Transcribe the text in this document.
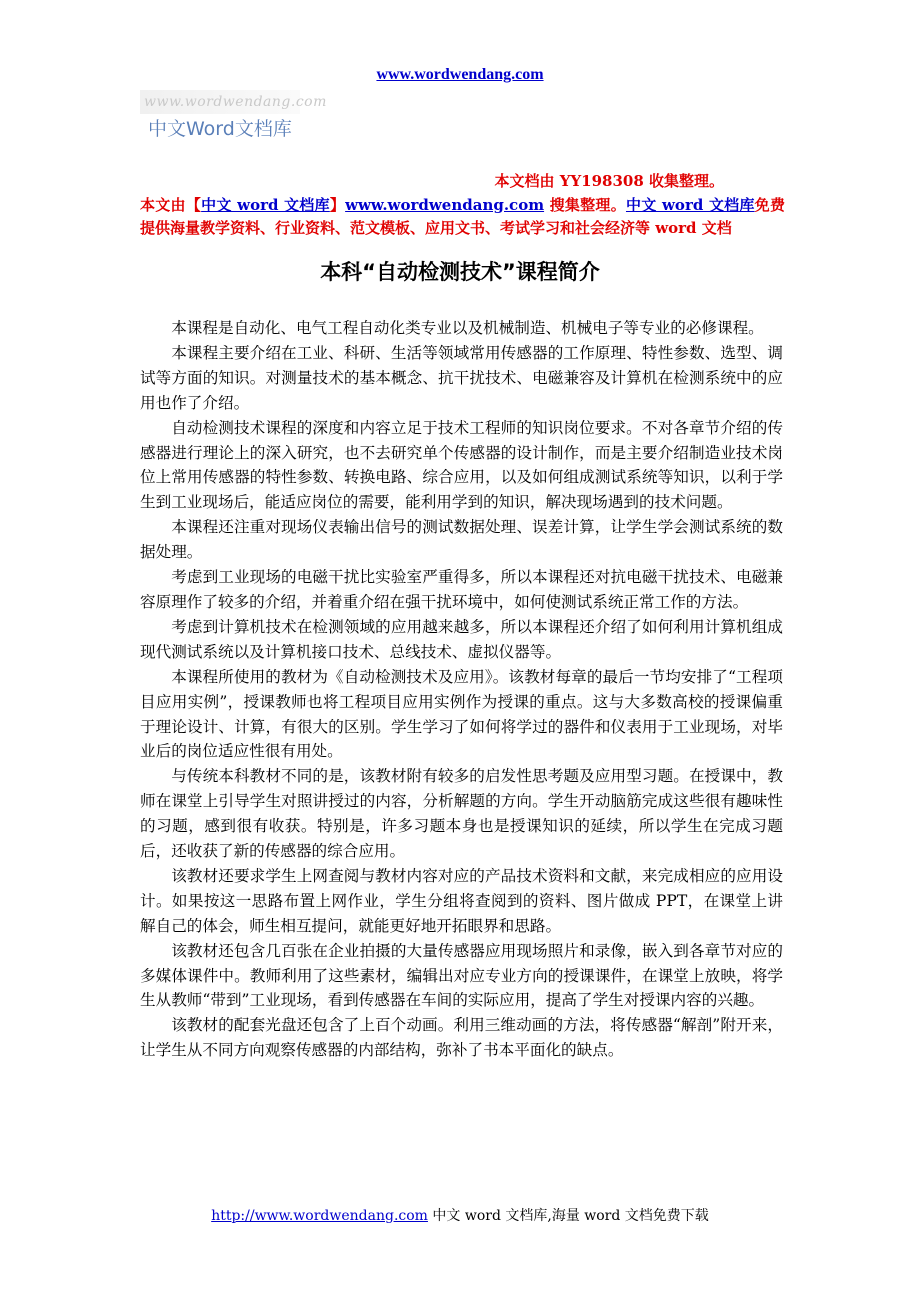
www.wordwendang.com
www.wordwendang.com
中文Word文档库
本文档由 YY198308 收集整理。
本文由【中文 word 文档库】www.wordwendang.com 搜集整理。中文 word 文档库免费提供海量教学资料、行业资料、范文模板、应用文书、考试学习和社会经济等 word 文档
本科“自动检测技术”课程简介

本课程是自动化、电气工程自动化类专业以及机械制造、机械电子等专业的必修课程。

本课程主要介绍在工业、科研、生活等领域常用传感器的工作原理、特性参数、选型、调试等方面的知识。对测量技术的基本概念、抗干扰技术、电磁兼容及计算机在检测系统中的应用也作了介绍。

自动检测技术课程的深度和内容立足于技术工程师的知识岗位要求。不对各章节介绍的传感器进行理论上的深入研究，也不去研究单个传感器的设计制作，而是主要介绍制造业技术岗位上常用传感器的特性参数、转换电路、综合应用，以及如何组成测试系统等知识，以利于学生到工业现场后，能适应岗位的需要，能利用学到的知识，解决现场遇到的技术问题。

本课程还注重对现场仪表输出信号的测试数据处理、误差计算，让学生学会测试系统的数据处理。

考虑到工业现场的电磁干扰比实验室严重得多，所以本课程还对抗电磁干扰技术、电磁兼容原理作了较多的介绍，并着重介绍在强干扰环境中，如何使测试系统正常工作的方法。

考虑到计算机技术在检测领域的应用越来越多，所以本课程还介绍了如何利用计算机组成现代测试系统以及计算机接口技术、总线技术、虚拟仪器等。

本课程所使用的教材为《自动检测技术及应用》。该教材每章的最后一节均安排了“工程项目应用实例”，授课教师也将工程项目应用实例作为授课的重点。这与大多数高校的授课偏重于理论设计、计算，有很大的区别。学生学习了如何将学过的器件和仪表用于工业现场，对毕业后的岗位适应性很有用处。

与传统本科教材不同的是，该教材附有较多的启发性思考题及应用型习题。在授课中，教师在课堂上引导学生对照讲授过的内容，分析解题的方向。学生开动脑筋完成这些很有趣味性的习题，感到很有收获。特别是，许多习题本身也是授课知识的延续，所以学生在完成习题后，还收获了新的传感器的综合应用。

该教材还要求学生上网查阅与教材内容对应的产品技术资料和文献，来完成相应的应用设计。如果按这一思路布置上网作业，学生分组将查阅到的资料、图片做成 PPT，在课堂上讲解自己的体会，师生相互提问，就能更好地开拓眼界和思路。

该教材还包含几百张在企业拍摄的大量传感器应用现场照片和录像，嵌入到各章节对应的多媒体课件中。教师利用了这些素材，编辑出对应专业方向的授课课件，在课堂上放映，将学生从教师“带到”工业现场，看到传感器在车间的实际应用，提高了学生对授课内容的兴趣。

该教材的配套光盘还包含了上百个动画。利用三维动画的方法，将传感器“解剖”附开来，让学生从不同方向观察传感器的内部结构，弥补了书本平面化的缺点。

http://www.wordwendang.com 中文 word 文档库,海量 word 文档免费下载
